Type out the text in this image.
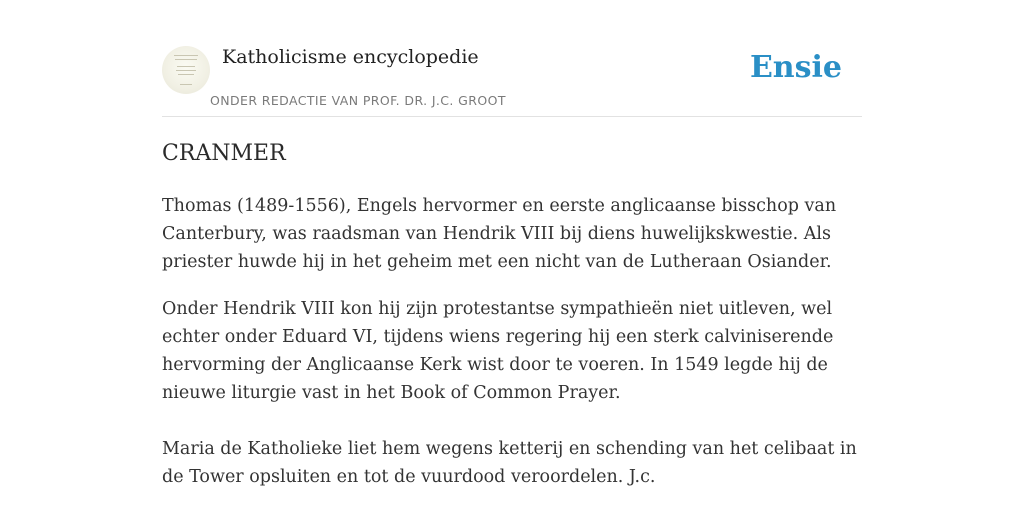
Katholicisme encyclopedie
ONDER REDACTIE VAN PROF. DR. J.C. GROOT
Ensie
CRANMER

Thomas (1489-1556), Engels hervormer en eerste anglicaanse bisschop van Canterbury, was raadsman van Hendrik VIII bij diens huwelijkskwestie. Als priester huwde hij in het geheim met een nicht van de Lutheraan Osiander.

Onder Hendrik VIII kon hij zijn protestantse sympathieën niet uitleven, wel echter onder Eduard VI, tijdens wiens regering hij een sterk calviniserende hervorming der Anglicaanse Kerk wist door te voeren. In 1549 legde hij de nieuwe liturgie vast in het Book of Common Prayer.

Maria de Katholieke liet hem wegens ketterij en schending van het celibaat in de Tower opsluiten en tot de vuurdood veroordelen. J.c.
